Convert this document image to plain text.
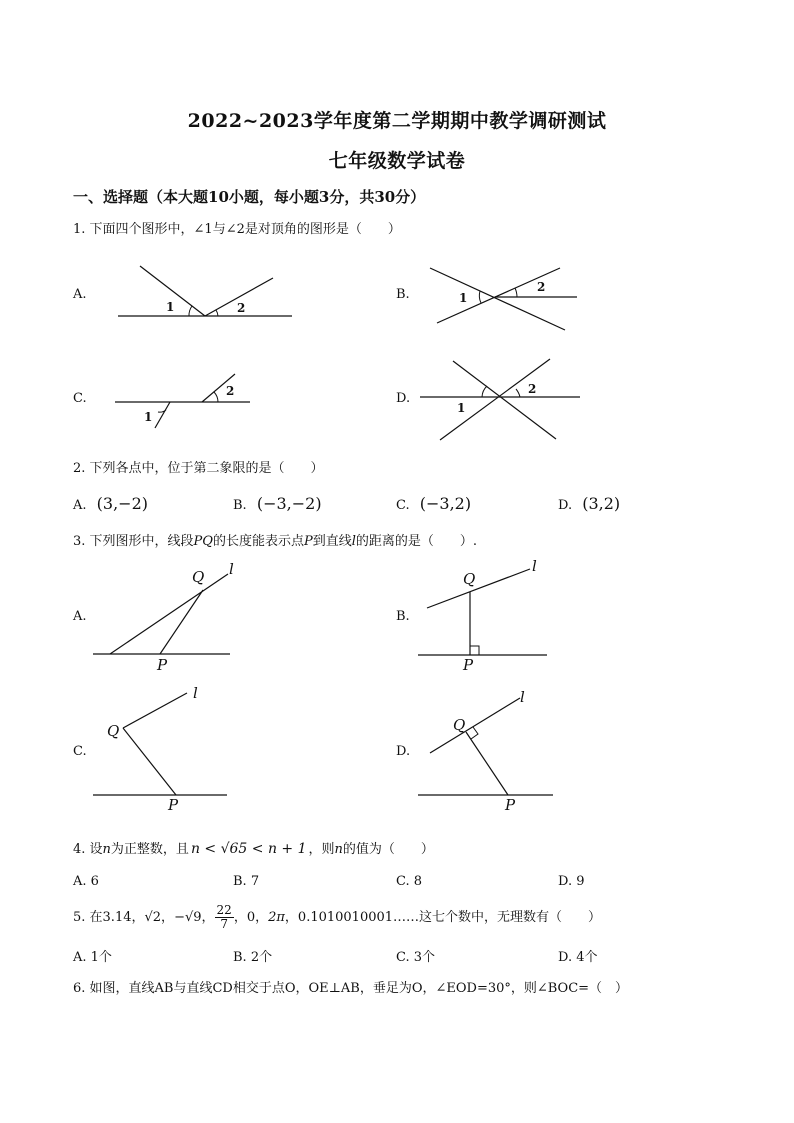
2022~2023学年度第二学期期中教学调研测试
七年级数学试卷
一、选择题（本大题10小题，每小题3分，共30分）
1. 下面四个图形中，∠1与∠2是对顶角的图形是（　　）
A.
1	2
B.	1
2
C.
1
2	D.
1
2
2. 下列各点中，位于第二象限的是（　　）
A. (3,−2)	B. (−3,−2)	C. (−3,2)	D. (3,2)
3. 下列图形中，线段PQ的长度能表示点P到直线l的距离的是（　　）.
A.
Q l
P
B.
Q
l
P
C.
Q
l
P
D.
Q
l
P
4. 设n为正整数，且 n < √65 < n + 1 ，则n的值为（　　）
A. 6	B. 7	C. 8	D. 9
5. 在3.14，√2，−√9， $\frac{22}{7}$ ，0，2π，0.1010010001……这七个数中，无理数有（　　）
A. 1个	B. 2个	C. 3个	D. 4个
6. 如图，直线AB与直线CD相交于点O，OE⊥AB，垂足为O，∠EOD=30°，则∠BOC=（　）
